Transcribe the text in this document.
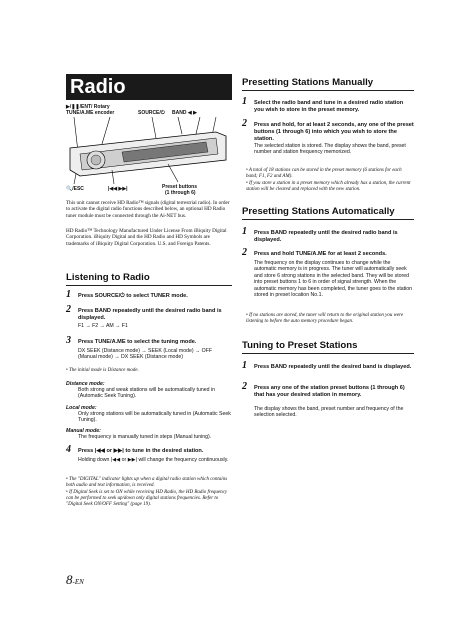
Radio
▶/❚❚/ENT/ Rotary
TUNE/A.ME encoder	SOURCE/⏻ BAND ◀ ▶
🔍/ESC	|◀◀ ▶▶|	Preset buttons
(1 through 6)
This unit cannot receive HD Radio™ signals (digital terrestrial radio). In order to activate the digital radio functions described below, an optional HD Radio tuner module must be connected through the Ai-NET bus.
HD Radio™ Technology Manufactured Under License From iBiquity Digital Corporation. iBiquity Digital and the HD Radio and HD Symbols are trademarks of iBiquity Digital Corporation. U.S. and Foreign Patents.
Listening to Radio
1 Press SOURCE/⏻ to select TUNER mode.
2 Press BAND repeatedly until the desired radio band is displayed.
F1 → F2 → AM → F1
3 Press TUNE/A.ME to select the tuning mode.
DX SEEK (Distance mode) → SEEK (Local mode) → OFF (Manual mode) → DX SEEK (Distance mode)
• The initial mode is Distance mode.
Distance mode:
Both strong and weak stations will be automatically tuned in (Automatic Seek Tuning).
Local mode:
Only strong stations will be automatically tuned in (Automatic Seek Tuning).
Manual mode:
The frequency is manually tuned in steps (Manual tuning).
4 Press |◀◀ or ▶▶| to tune in the desired station.
Holding down |◀◀ or ▶▶| will change the frequency continuously.
• The "DIGITAL" indicator lights up when a digital radio station which contains both audio and text information, is received.
• If Digital Seek is set to ON while receiving HD Radio, the HD Radio frequency can be performed to seek up/down only digital stations frequencies. Refer to "Digital Seek ON/OFF Setting" (page 19).
8-EN
Presetting Stations Manually
1 Select the radio band and tune in a desired radio station you wish to store in the preset memory.
2 Press and hold, for at least 2 seconds, any one of the preset buttons (1 through 6) into which you wish to store the station.
The selected station is stored. The display shows the band, preset number and station frequency memorized.
• A total of 18 stations can be stored in the preset memory (6 stations for each band; F1, F2 and AM).
• If you store a station in a preset memory which already has a station, the current station will be cleared and replaced with the new station.
Presetting Stations Automatically
1 Press BAND repeatedly until the desired radio band is displayed.
2 Press and hold TUNE/A.ME for at least 2 seconds.
The frequency on the display continues to change while the automatic memory is in progress. The tuner will automatically seek and store 6 strong stations in the selected band. They will be stored into preset buttons 1 to 6 in order of signal strength. When the automatic memory has been completed, the tuner goes to the station stored in preset location No.1.
• If no stations are stored, the tuner will return to the original station you were listening to before the auto memory procedure began.
Tuning to Preset Stations
1 Press BAND repeatedly until the desired band is displayed.
2 Press any one of the station preset buttons (1 through 6) that has your desired station in memory.
The display shows the band, preset number and frequency of the selection selected.
